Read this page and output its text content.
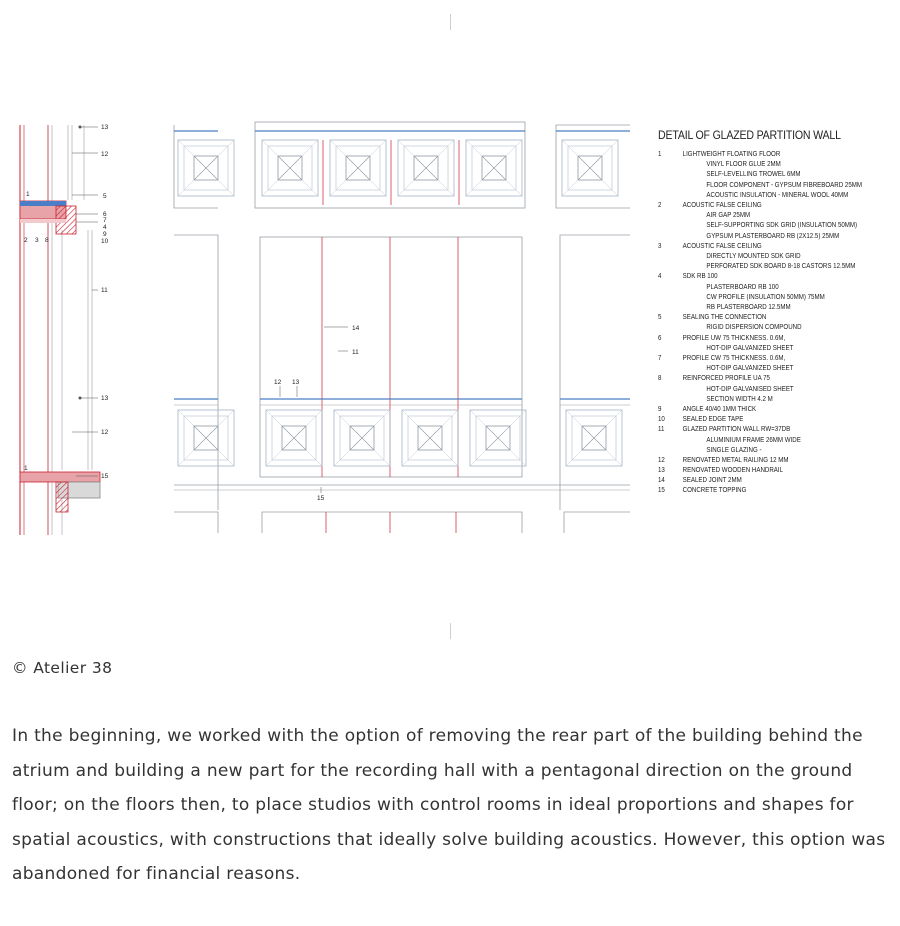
13
12
1	5
6
7
4
9
10
2 3 8
11
13
12
1
15
14
11
12 13
15
DETAIL OF GLAZED PARTITION WALL
1	LIGHTWEIGHT FLOATING FLOOR
VINYL FLOOR GLUE 2MM
SELF-LEVELLING TROWEL 6MM
FLOOR COMPONENT - GYPSUM FIBREBOARD 25MM
ACOUSTIC INSULATION - MINERAL WOOL 40MM
2	ACOUSTIC FALSE CEILING
AIR GAP 25MM
SELF-SUPPORTING SDK GRID (INSULATION 50MM)
GYPSUM PLASTERBOARD RB (2X12.5) 25MM
3	ACOUSTIC FALSE CEILING
DIRECTLY MOUNTED SDK GRID
PERFORATED SDK BOARD 8-18 CASTORS 12.5MM
4	SDK RB 100
PLASTERBOARD RB 100
CW PROFILE (INSULATION 50MM) 75MM
RB PLASTERBOARD 12.5MM
5	SEALING THE CONNECTION
RIGID DISPERSION COMPOUND
6	PROFILE UW 75 THICKNESS. 0.6M,
HOT-DIP GALVANIZED SHEET
7	PROFILE CW 75 THICKNESS. 0.6M,
HOT-DIP GALVANIZED SHEET
8	REINFORCED PROFILE UA 75
HOT-DIP GALVANISED SHEET
SECTION WIDTH 4.2 M
9	ANGLE 40/40 1MM THICK
10	SEALED EDGE TAPE
11	GLAZED PARTITION WALL RW=37DB
ALUMINIUM FRAME 26MM WIDE
SINGLE GLAZING -
12	RENOVATED METAL RAILING 12 MM
13	RENOVATED WOODEN HANDRAIL
14	SEALED JOINT 2MM
15	CONCRETE TOPPING
© Atelier 38

In the beginning, we worked with the option of removing the rear part of the building behind the atrium and building a new part for the recording hall with a pentagonal direction on the ground floor; on the floors then, to place studios with control rooms in ideal proportions and shapes for spatial acoustics, with constructions that ideally solve building acoustics. However, this option was abandoned for financial reasons.
